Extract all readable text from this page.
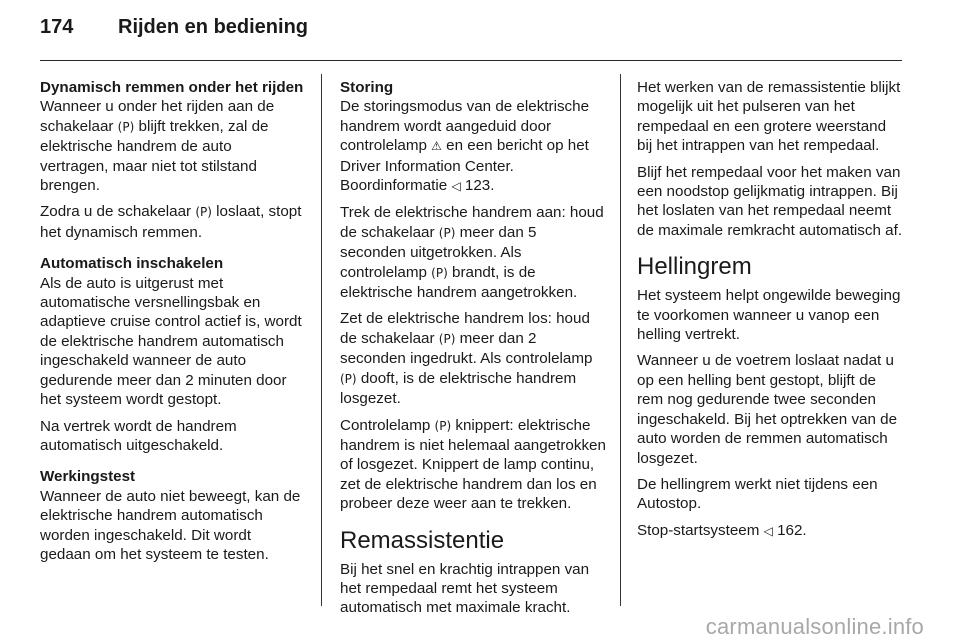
174	Rijden en bediening
Dynamisch remmen onder het rijden

Wanneer u onder het rijden aan de schakelaar (P) blijft trekken, zal de elektrische handrem de auto vertragen, maar niet tot stilstand brengen.

Zodra u de schakelaar (P) loslaat, stopt het dynamisch remmen.

Automatisch inschakelen

Als de auto is uitgerust met automatische versnellingsbak en adaptieve cruise control actief is, wordt de elektrische handrem automatisch ingeschakeld wanneer de auto gedurende meer dan 2 minuten door het systeem wordt gestopt.

Na vertrek wordt de handrem automatisch uitgeschakeld.

Werkingstest

Wanneer de auto niet beweegt, kan de elektrische handrem automatisch worden ingeschakeld. Dit wordt gedaan om het systeem te testen.

Storing

De storingsmodus van de elektrische handrem wordt aangeduid door controlelamp ⚠ en een bericht op het Driver Information Center. Boordinformatie ◁ 123.

Trek de elektrische handrem aan: houd de schakelaar (P) meer dan 5 seconden uitgetrokken. Als controlelamp (P) brandt, is de elektrische handrem aangetrokken.

Zet de elektrische handrem los: houd de schakelaar (P) meer dan 2 seconden ingedrukt. Als controlelamp (P) dooft, is de elektrische handrem losgezet.

Controlelamp (P) knippert: elektrische handrem is niet helemaal aangetrokken of losgezet. Knippert de lamp continu, zet de elektrische handrem dan los en probeer deze weer aan te trekken.

Remassistentie

Bij het snel en krachtig intrappen van het rempedaal remt het systeem automatisch met maximale kracht.

Het werken van de remassistentie blijkt mogelijk uit het pulseren van het rempedaal en een grotere weerstand bij het intrappen van het rempedaal.

Blijf het rempedaal voor het maken van een noodstop gelijkmatig intrappen. Bij het loslaten van het rempedaal neemt de maximale remkracht automatisch af.

Hellingrem

Het systeem helpt ongewilde beweging te voorkomen wanneer u vanop een helling vertrekt.

Wanneer u de voetrem loslaat nadat u op een helling bent gestopt, blijft de rem nog gedurende twee seconden ingeschakeld. Bij het optrekken van de auto worden de remmen automatisch losgezet.

De hellingrem werkt niet tijdens een Autostop.

Stop-startsysteem ◁ 162.

carmanualsonline.info
